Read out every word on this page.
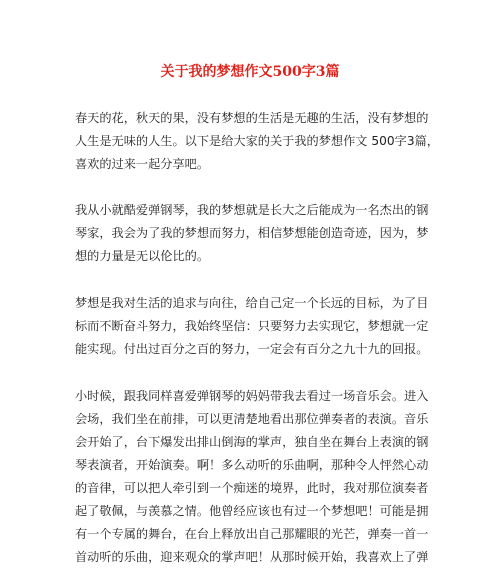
关于我的梦想作文500字3篇
春天的花，秋天的果，没有梦想的生活是无趣的生活，没有梦想的
人生是无味的人生。以下是给大家的关于我的梦想作文 500字3篇，
喜欢的过来一起分享吧。
我从小就酷爱弹钢琴，我的梦想就是长大之后能成为一名杰出的钢
琴家，我会为了我的梦想而努力，相信梦想能创造奇迹，因为，梦
想的力量是无以伦比的。
梦想是我对生活的追求与向往，给自己定一个长远的目标，为了目
标而不断奋斗努力，我始终坚信：只要努力去实现它，梦想就一定
能实现。付出过百分之百的努力，一定会有百分之九十九的回报。
小时候，跟我同样喜爱弹钢琴的妈妈带我去看过一场音乐会。进入
会场，我们坐在前排，可以更清楚地看出那位弹奏者的表演。音乐
会开始了，台下爆发出排山倒海的掌声，独自坐在舞台上表演的钢
琴表演者，开始演奏。啊！多么动听的乐曲啊，那种令人怦然心动
的音律，可以把人牵引到一个痴迷的境界，此时，我对那位演奏者
起了敬佩，与羡慕之情。他曾经应该也有过一个梦想吧！可能是拥
有一个专属的舞台，在台上释放出自己那耀眼的光芒，弹奏一首一
首动听的乐曲，迎来观众的掌声吧！从那时候开始，我喜欢上了弹
